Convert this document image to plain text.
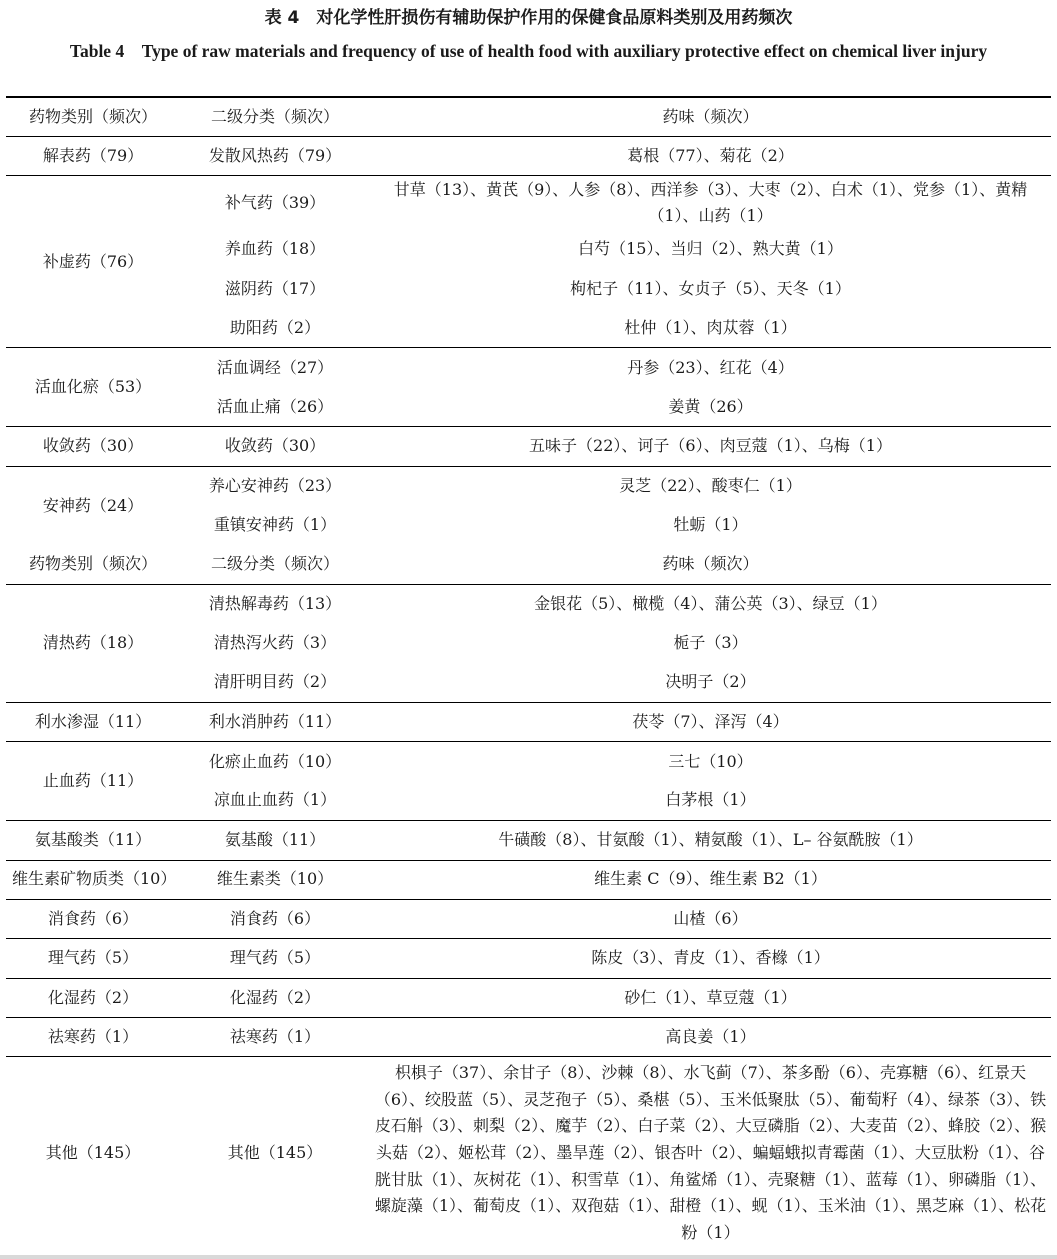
表 4　对化学性肝损伤有辅助保护作用的保健食品原料类别及用药频次
Table 4　Type of raw materials and frequency of use of health food with auxiliary protective effect on chemical liver injury
药物类别（频次）	二级分类（频次）	药味（频次）
解表药（79）	发散风热药（79）	葛根（77）、菊花（2）
补虚药（76）	补气药（39）	甘草（13）、黄芪（9）、人参（8）、西洋参（3）、大枣（2）、白术（1）、党参（1）、黄精（1）、山药（1）
	养血药（18）	白芍（15）、当归（2）、熟大黄（1）
	滋阴药（17）	枸杞子（11）、女贞子（5）、天冬（1）
	助阳药（2）	杜仲（1）、肉苁蓉（1）
活血化瘀（53）	活血调经（27）	丹参（23）、红花（4）
	活血止痛（26）	姜黄（26）
收敛药（30）	收敛药（30）	五味子（22）、诃子（6）、肉豆蔻（1）、乌梅（1）
安神药（24）	养心安神药（23）	灵芝（22）、酸枣仁（1）
	重镇安神药（1）	牡蛎（1）
药物类别（频次）	二级分类（频次）	药味（频次）
清热药（18）	清热解毒药（13）	金银花（5）、橄榄（4）、蒲公英（3）、绿豆（1）
	清热泻火药（3）	栀子（3）
	清肝明目药（2）	决明子（2）
利水渗湿（11）	利水消肿药（11）	茯苓（7）、泽泻（4）
止血药（11）	化瘀止血药（10）	三七（10）
	凉血止血药（1）	白茅根（1）
氨基酸类（11）	氨基酸（11）	牛磺酸（8）、甘氨酸（1）、精氨酸（1）、L– 谷氨酰胺（1）
维生素矿物质类（10）	维生素类（10）	维生素 C（9）、维生素 B2（1）
消食药（6）	消食药（6）	山楂（6）
理气药（5）	理气药（5）	陈皮（3）、青皮（1）、香橼（1）
化湿药（2）	化湿药（2）	砂仁（1）、草豆蔻（1）
祛寒药（1）	祛寒药（1）	高良姜（1）
其他（145）	其他（145）	枳椇子（37）、余甘子（8）、沙棘（8）、水飞蓟（7）、茶多酚（6）、壳寡糖（6）、红景天（6）、绞股蓝（5）、灵芝孢子（5）、桑椹（5）、玉米低聚肽（5）、葡萄籽（4）、绿茶（3）、铁皮石斛（3）、刺梨（2）、魔芋（2）、白子菜（2）、大豆磷脂（2）、大麦苗（2）、蜂胶（2）、猴头菇（2）、姬松茸（2）、墨旱莲（2）、银杏叶（2）、蝙蝠蛾拟青霉菌（1）、大豆肽粉（1）、谷胱甘肽（1）、灰树花（1）、积雪草（1）、角鲨烯（1）、壳聚糖（1）、蓝莓（1）、卵磷脂（1）、螺旋藻（1）、葡萄皮（1）、双孢菇（1）、甜橙（1）、蚬（1）、玉米油（1）、黑芝麻（1）、松花粉（1）
